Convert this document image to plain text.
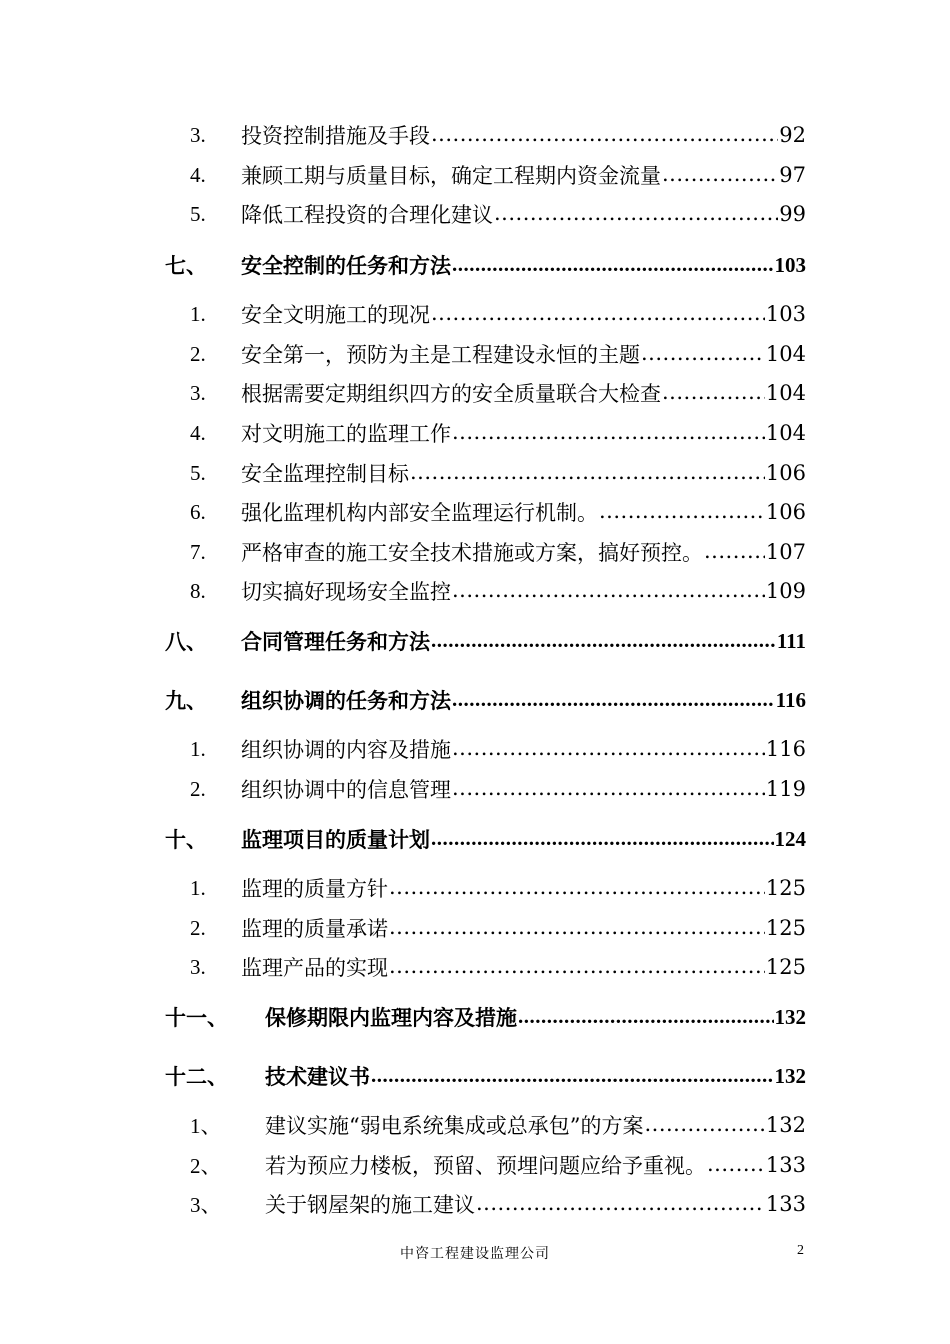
3. 投资控制措施及手段 .....	92
4. 兼顾工期与质量目标，确定工程期内资金流量 .....	97
5. 降低工程投资的合理化建议 .....	99
七、 安全控制的任务和方法 .....	103
1. 安全文明施工的现况 .....	103
2. 安全第一，预防为主是工程建设永恒的主题 .....	104
3. 根据需要定期组织四方的安全质量联合大检查 .....	104
4. 对文明施工的监理工作 .....	104
5. 安全监理控制目标 .....	106
6. 强化监理机构内部安全监理运行机制。 .....	106
7. 严格审查的施工安全技术措施或方案，搞好预控。 .....	107
8. 切实搞好现场安全监控 .....	109
八、 合同管理任务和方法 .....	111
九、 组织协调的任务和方法 .....	116
1. 组织协调的内容及措施 .....	116
2. 组织协调中的信息管理 .....	119
十、 监理项目的质量计划 .....	124
1. 监理的质量方针 .....	125
2. 监理的质量承诺 .....	125
3. 监理产品的实现 .....	125
十一、 保修期限内监理内容及措施 .....	132
十二、 技术建议书 .....	132
1、 建议实施“弱电系统集成或总承包”的方案 .....	132
2、 若为预应力楼板，预留、预埋问题应给予重视。 .....	133
3、 关于钢屋架的施工建议 .....	133
中咨工程建设监理公司	2
